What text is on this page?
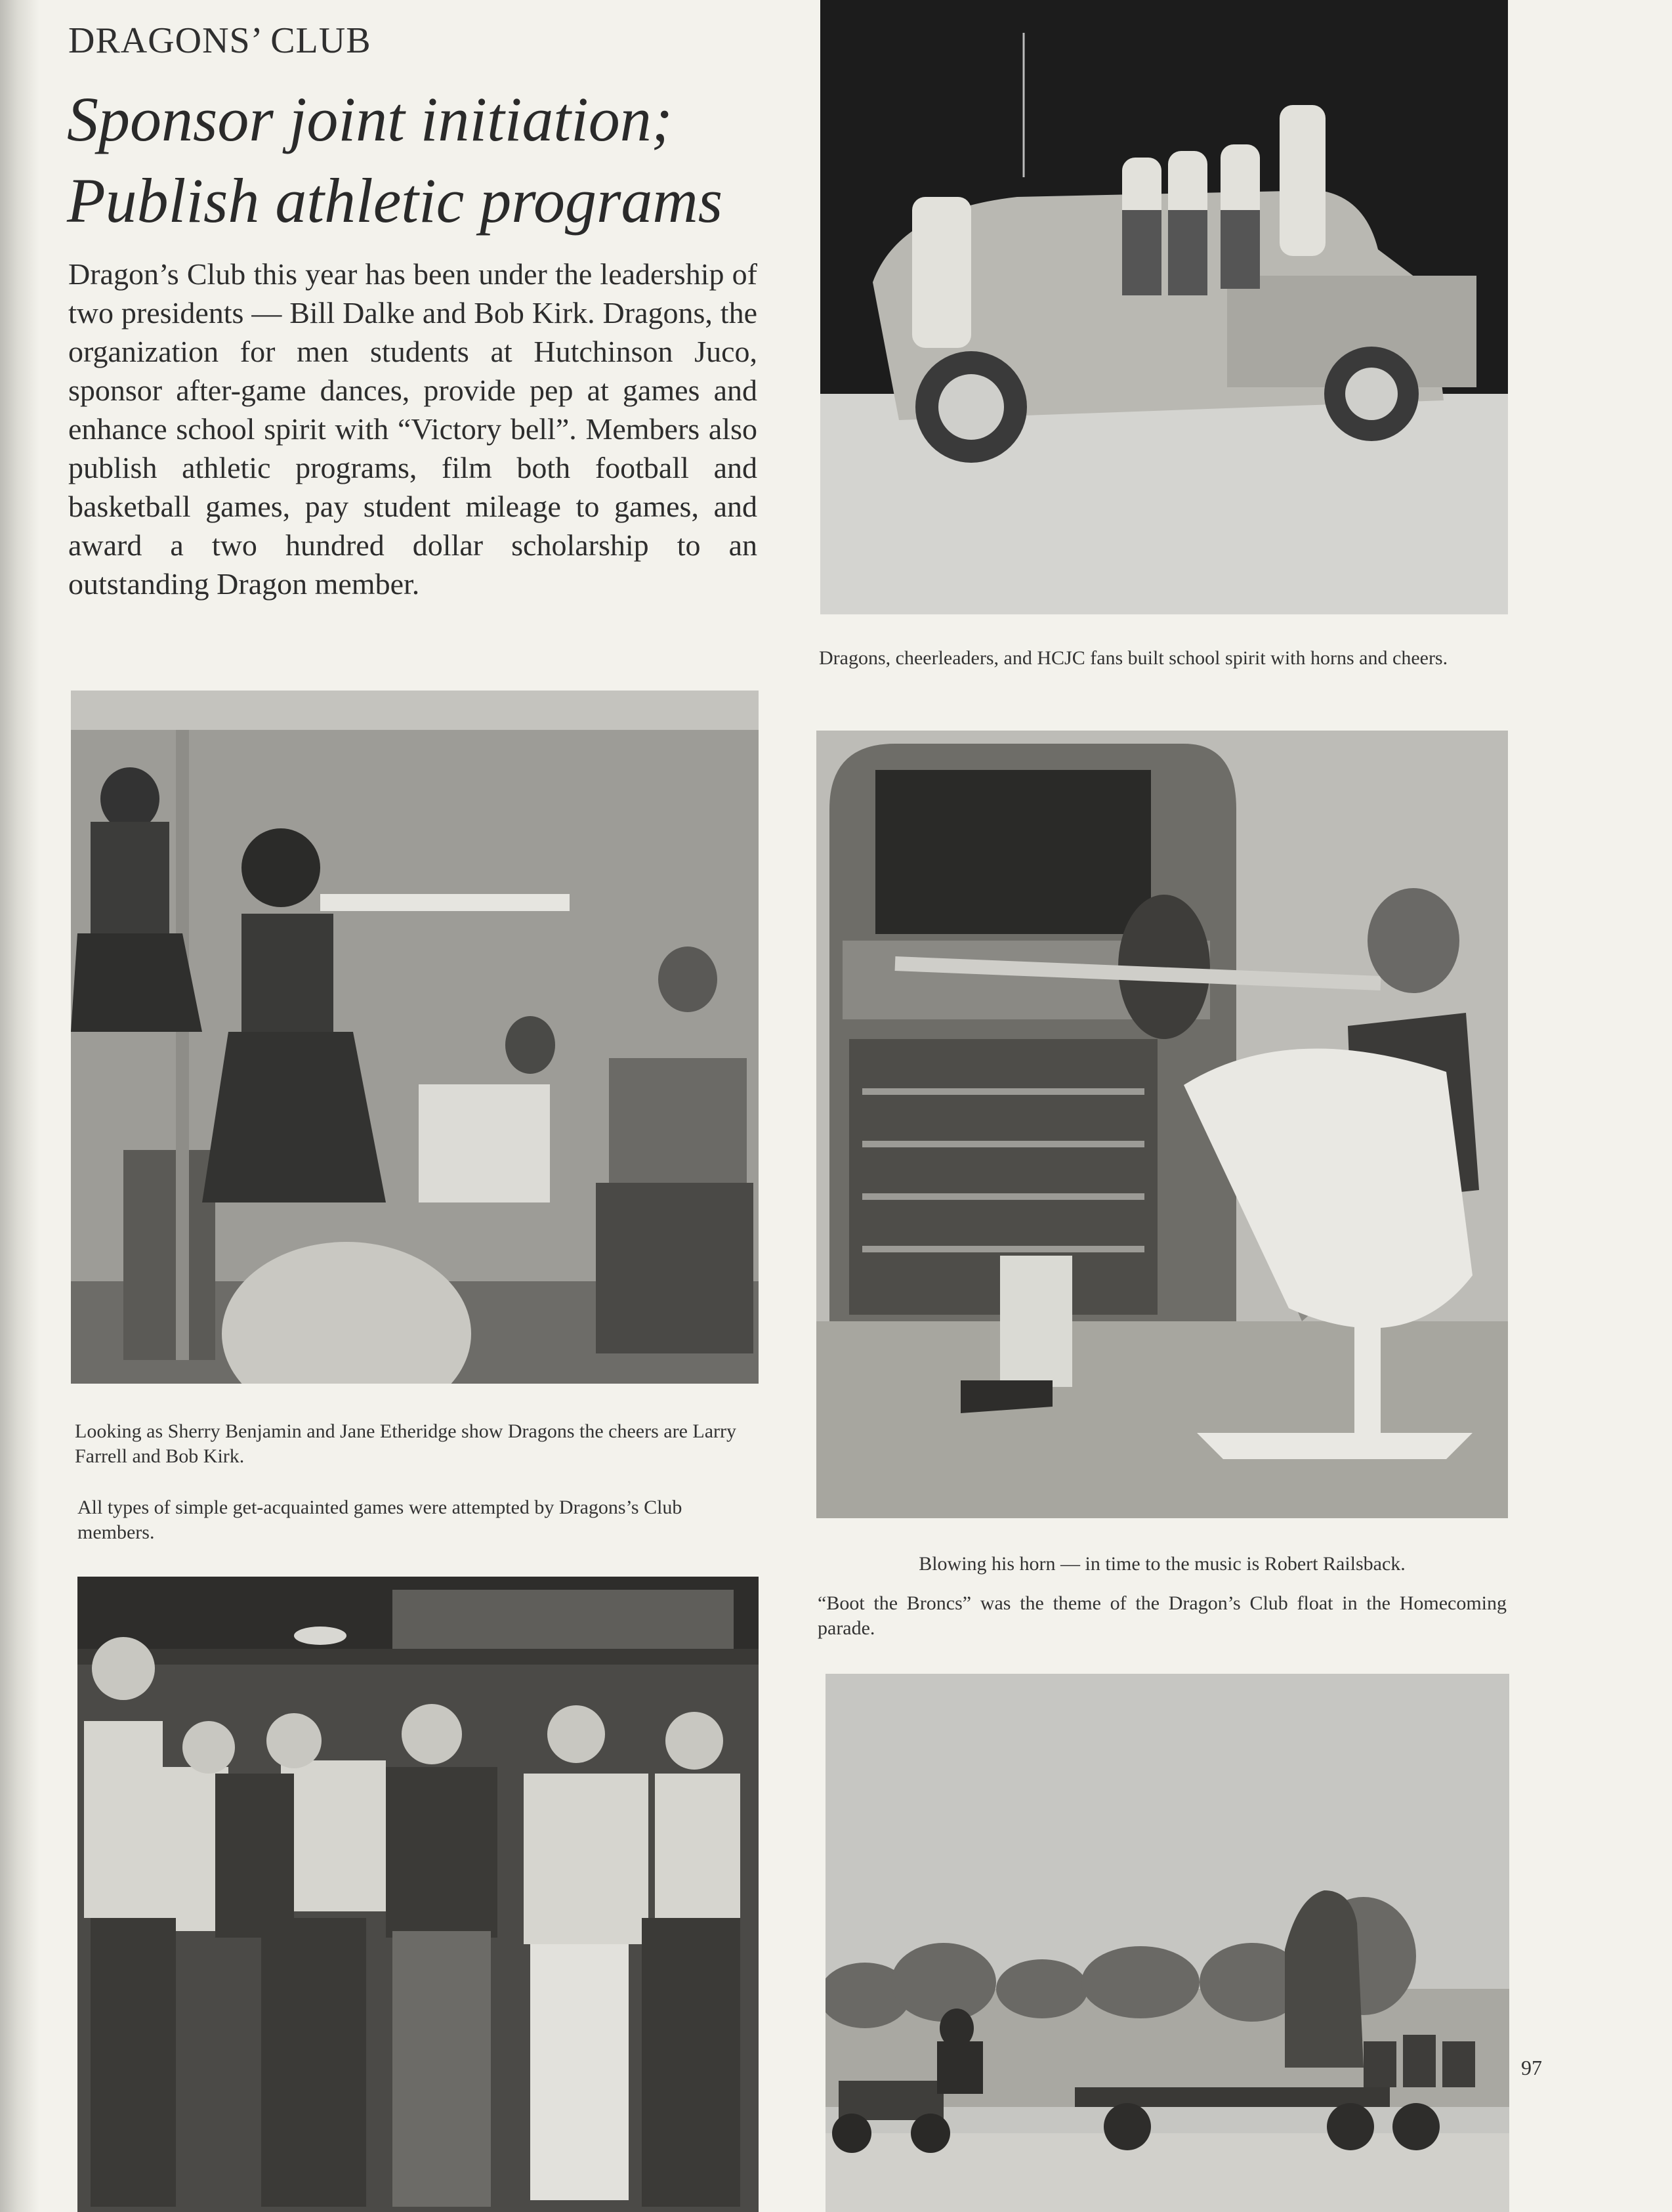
DRAGONS’ CLUB
Sponsor joint initiation;
Publish athletic programs

Dragon’s Club this year has been under the leadership of two presidents — Bill Dalke and Bob Kirk. Dragons, the organization for men students at Hutchinson Juco, sponsor after-game dances, provide pep at games and enhance school spirit with “Victory bell”. Members also publish athletic programs, film both football and basketball games, pay student mileage to games, and award a two hundred dollar scholarship to an outstanding Dragon member.

Dragons, cheerleaders, and HCJC fans built school spirit with horns and cheers.

Looking as Sherry Benjamin and Jane Etheridge show Dragons the cheers are Larry Farrell and Bob Kirk.

All types of simple get-acquainted games were attempted by Dragons’s Club members.

Blowing his horn — in time to the music is Robert Railsback.

“Boot the Broncs” was the theme of the Dragon’s Club float in the Homecoming parade.

97
